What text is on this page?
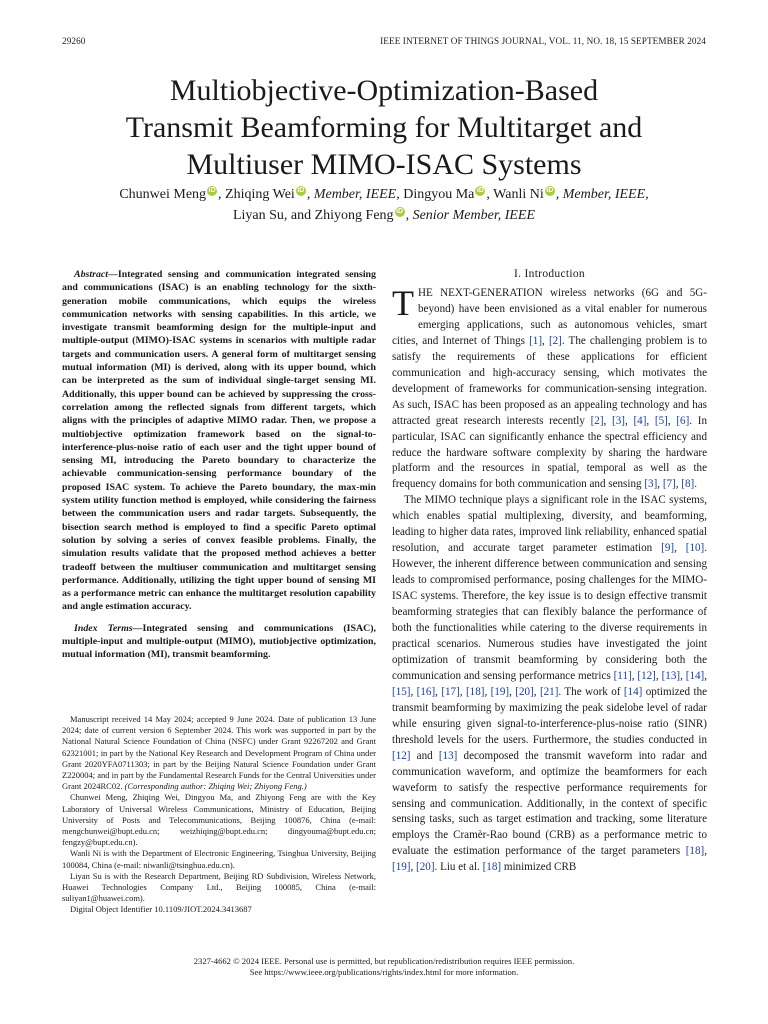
29260	IEEE INTERNET OF THINGS JOURNAL, VOL. 11, NO. 18, 15 SEPTEMBER 2024
Multiobjective-Optimization-Based
Transmit Beamforming for Multitarget and
Multiuser MIMO-ISAC Systems
Chunwei Meng iD , Zhiqing Wei iD , Member, IEEE, Dingyou Ma iD , Wanli Ni iD , Member, IEEE,
Liyan Su, and Zhiyong Feng iD , Senior Member, IEEE

Abstract—Integrated sensing and communication integrated sensing and communications (ISAC) is an enabling technology for the sixth-generation mobile communications, which equips the wireless communication networks with sensing capabilities. In this article, we investigate transmit beamforming design for the multiple-input and multiple-output (MIMO)-ISAC systems in scenarios with multiple radar targets and communication users. A general form of multitarget sensing mutual information (MI) is derived, along with its upper bound, which can be interpreted as the sum of individual single-target sensing MI. Additionally, this upper bound can be achieved by suppressing the cross-correlation among the reflected signals from different targets, which aligns with the principles of adaptive MIMO radar. Then, we propose a multiobjective optimization framework based on the signal-to-interference-plus-noise ratio of each user and the tight upper bound of sensing MI, introducing the Pareto boundary to characterize the achievable communication-sensing performance boundary of the proposed ISAC system. To achieve the Pareto boundary, the max-min system utility function method is employed, while considering the fairness between the communication users and radar targets. Subsequently, the bisection search method is employed to find a specific Pareto optimal solution by solving a series of convex feasible problems. Finally, the simulation results validate that the proposed method achieves a better tradeoff between the multiuser communication and multitarget sensing performance. Additionally, utilizing the tight upper bound of sensing MI as a performance metric can enhance the multitarget resolution capability and angle estimation accuracy.

Index Terms—Integrated sensing and communications (ISAC), multiple-input and multiple-output (MIMO), mutiobjective optimization, mutual information (MI), transmit beamforming.

Manuscript received 14 May 2024; accepted 9 June 2024. Date of publication 13 June 2024; date of current version 6 September 2024. This work was supported in part by the National Natural Science Foundation of China (NSFC) under Grant 92267202 and Grant 62321001; in part by the National Key Research and Development Program of China under Grant 2020YFA0711303; in part by the Beijing Natural Science Foundation under Grant Z220004; and in part by the Fundamental Research Funds for the Central Universities under Grant 2024RC02. (Corresponding author: Zhiqing Wei; Zhiyong Feng.)

Chunwei Meng, Zhiqing Wei, Dingyou Ma, and Zhiyong Feng are with the Key Laboratory of Universal Wireless Communications, Ministry of Education, Beijing University of Posts and Telecommunications, Beijing 100876, China (e-mail: mengchunwei@bupt.edu.cn; weizhiqing@bupt.edu.cn; dingyouma@bupt.edu.cn; fengzy@bupt.edu.cn).

Wanli Ni is with the Department of Electronic Engineering, Tsinghua University, Beijing 100084, China (e-mail: niwanli@tsinghua.edu.cn).

Liyan Su is with the Research Department, Beijing RD Subdivision, Wireless Network, Huawei Technologies Company Ltd., Beijing 100085, China (e-mail: suliyan1@huawei.com).

Digital Object Identifier 10.1109/JIOT.2024.3413687

I. Introduction

THE NEXT-GENERATION wireless networks (6G and 5G-beyond) have been envisioned as a vital enabler for numerous emerging applications, such as autonomous vehicles, smart cities, and Internet of Things [1], [2]. The challenging problem is to satisfy the requirements of these applications for efficient communication and high-accuracy sensing, which motivates the development of frameworks for communication-sensing integration. As such, ISAC has been proposed as an appealing technology and has attracted great research interests recently [2], [3], [4], [5], [6]. In particular, ISAC can significantly enhance the spectral efficiency and reduce the hardware software complexity by sharing the hardware platform and the resources in spatial, temporal as well as the frequency domains for both communication and sensing [3], [7], [8].

The MIMO technique plays a significant role in the ISAC systems, which enables spatial multiplexing, diversity, and beamforming, leading to higher data rates, improved link reliability, enhanced spatial resolution, and accurate target parameter estimation [9], [10]. However, the inherent difference between communication and sensing leads to compromised performance, posing challenges for the MIMO-ISAC systems. Therefore, the key issue is to design effective transmit beamforming strategies that can flexibly balance the performance of both the functionalities while catering to the diverse requirements in practical scenarios. Numerous studies have investigated the joint optimization of transmit beamforming by considering both the communication and sensing performance metrics [11], [12], [13], [14], [15], [16], [17], [18], [19], [20], [21]. The work of [14] optimized the transmit beamforming by maximizing the peak sidelobe level of radar while ensuring given signal-to-interference-plus-noise ratio (SINR) threshold levels for the users. Furthermore, the studies conducted in [12] and [13] decomposed the transmit waveform into radar and communication waveform, and optimize the beamformers for each waveform to satisfy the respective performance requirements for sensing and communication. Additionally, in the context of specific sensing tasks, such as target estimation and tracking, some literature employs the Cramèr-Rao bound (CRB) as a performance metric to evaluate the estimation performance of the target parameters [18], [19], [20]. Liu et al. [18] minimized CRB

2327-4662 © 2024 IEEE. Personal use is permitted, but republication/redistribution requires IEEE permission.
See https://www.ieee.org/publications/rights/index.html for more information.
